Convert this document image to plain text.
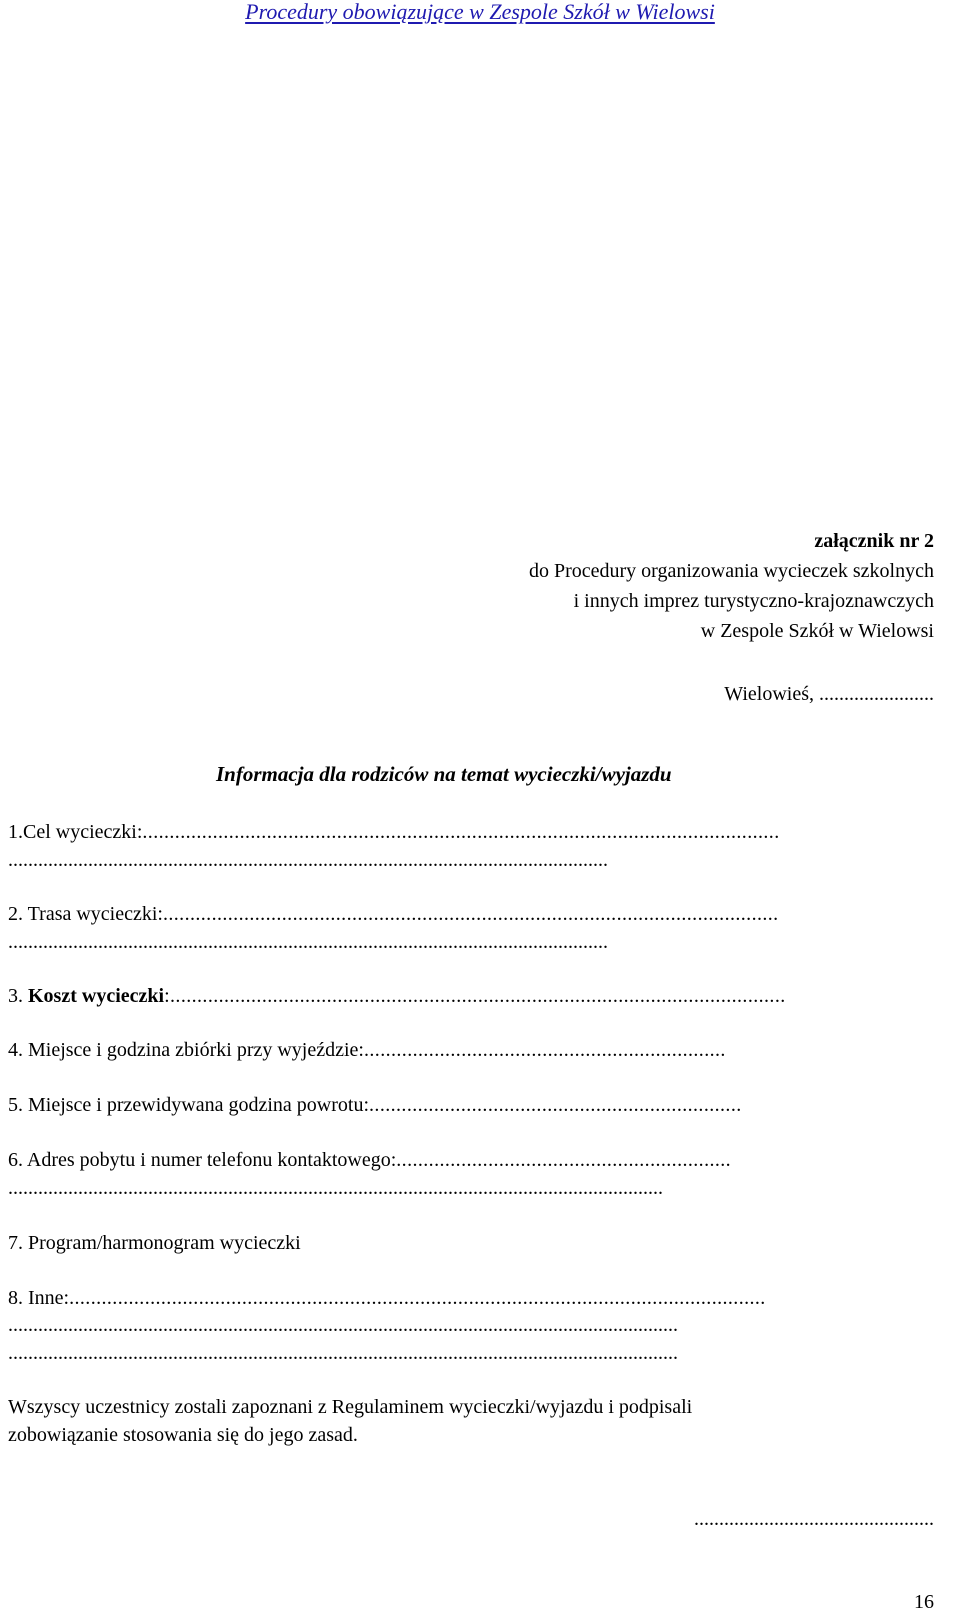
Procedury obowiązujące w Zespole Szkół w Wielowsi
załącznik nr 2
do Procedury organizowania wycieczek szkolnych
i innych imprez turystyczno-krajoznawczych
w Zespole Szkół w Wielowsi
Wielowieś, .......................
Informacja dla rodziców na temat wycieczki/wyjazdu
1.Cel wycieczki:......................................................................................................................
........................................................................................................................
2. Trasa wycieczki:..................................................................................................................
........................................................................................................................
3. Koszt wycieczki:..................................................................................................................
4. Miejsce i godzina zbiórki przy wyjeździe:...................................................................
5. Miejsce i przewidywana godzina powrotu:.....................................................................
6. Adres pobytu i numer telefonu kontaktowego:..............................................................
...................................................................................................................................
7. Program/harmonogram wycieczki
8. Inne:.................................................................................................................................
......................................................................................................................................
......................................................................................................................................
Wszyscy uczestnicy zostali zapoznani z Regulaminem wycieczki/wyjazdu i podpisali
zobowiązanie stosowania się do jego zasad.
................................................
16
